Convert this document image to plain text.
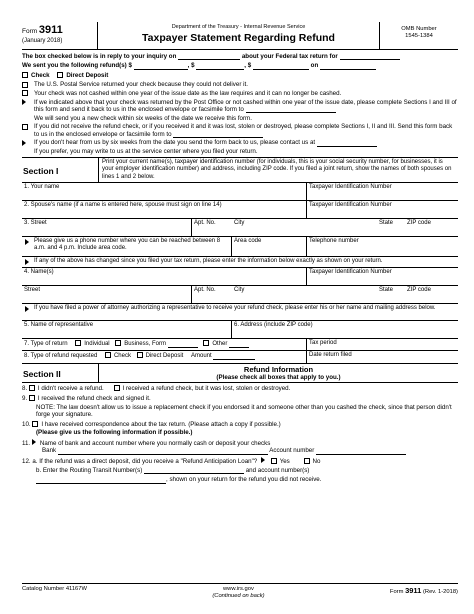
Form 3911
(January 2018)
Department of the Treasury - Internal Revenue Service
Taxpayer Statement Regarding Refund
OMB Number
1545-1384
The box checked below is in reply to your inquiry on	about your Federal tax return for
We sent you the following refund(s) $	, $	, $	on
Check	Direct Deposit
The U.S. Postal Service returned your check because they could not deliver it.
Your check was not cashed within one year of the issue date as the law requires and it can no longer be cashed.
If we indicated above that your check was returned by the Post Office or not cashed within one year of the issue date, please complete Sections I and III of this form and send it back to us in the enclosed envelope or facsimile form to
We will send you a new check within six weeks of the date we receive this form.
If you did not receive the refund check, or if you received it and it was lost, stolen or destroyed, please complete Sections I, II and III. Send this form back to us in the enclosed envelope or facsimile form to
If you don't hear from us by six weeks from the date you send the form back to us, please contact us at
If you prefer, you may write to us at the service center where you filed your return.
Section I
Print your current name(s), taxpayer identification number (for individuals, this is your social security number, for businesses, it is your employer identification number) and address, including ZIP code. If you filed a joint return, show the names of both spouses on lines 1 and 2 below.
1. Your name	Taxpayer Identification Number
2. Spouse's name (if a name is entered here, spouse must sign on line 14)	Taxpayer Identification Number
3. Street	Apt. No.	City	State	ZIP code
Please give us a phone number where you can be reached between 8 a.m. and 4 p.m. Include area code.
Area code	Telephone number
If any of the above has changed since you filed your tax return, please enter the information below exactly as shown on your return.
4. Name(s)	Taxpayer Identification Number
Street	Apt. No.	City	State	ZIP code
If you have filed a power of attorney authorizing a representative to receive your refund check, please enter his or her name and mailing address below.
5. Name of representative	6. Address (include ZIP code)
7. Type of return	Individual Business, Form	Other	Tax period
8. Type of refund requested	Check Direct Deposit Amount	Date return filed
Section II	Refund Information
(Please check all boxes that apply to you.)
8. I didn't receive a refund.	I received a refund check, but it was lost, stolen or destroyed.
9. I received the refund check and signed it.
NOTE: The law doesn't allow us to issue a replacement check if you endorsed it and someone other than you cashed the check, since that person didn't forge your signature.
10. I have received correspondence about the tax return. (Please attach a copy if possible.)
(Please give us the following information if possible.)
11. Name of bank and account number where you normally cash or deposit your checks
Bank	Account number
12. a. If the refund was a direct deposit, did you receive a "Refund Anticipation Loan"?	Yes	No
b. Enter the Routing Transit Number(s)	and account number(s)
, shown on your return for the refund you did not receive.
Catalog Number 41167W	www.irs.gov
(Continued on back)
Form 3911 (Rev. 1-2018)
